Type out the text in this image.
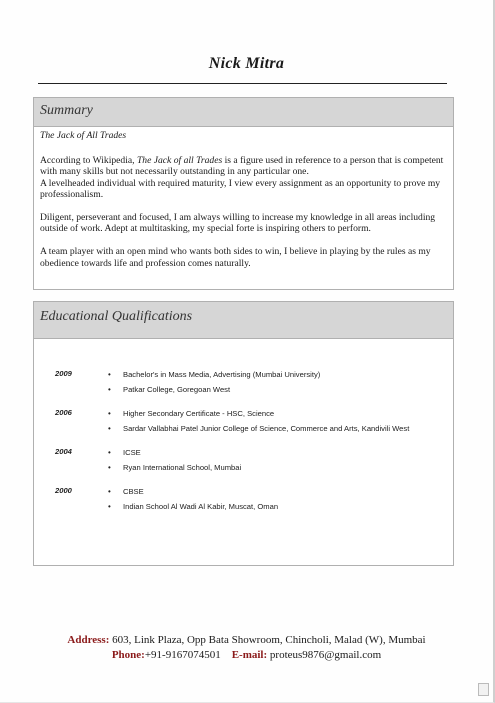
Nick Mitra
Summary
The Jack of All Trades

According to Wikipedia, The Jack of all Trades is a figure used in reference to a person that is competent with many skills but not necessarily outstanding in any particular one.

A levelheaded individual with required maturity, I view every assignment as an opportunity to prove my professionalism.

Diligent, perseverant and focused, I am always willing to increase my knowledge in all areas including outside of work. Adept at multitasking, my special forte is inspiring others to perform.

A team player with an open mind who wants both sides to win, I believe in playing by the rules as my obedience towards life and profession comes naturally.

Educational Qualifications
2009	• Bachelor's in Mass Media, Advertising (Mumbai University)
• Patkar College, Goregoan West
2006	• Higher Secondary Certificate - HSC, Science
• Sardar Vallabhai Patel Junior College of Science, Commerce and Arts, Kandivili West
2004	• ICSE
• Ryan International School, Mumbai
2000	• CBSE
• Indian School Al Wadi Al Kabir, Muscat, Oman
Address: 603, Link Plaza, Opp Bata Showroom, Chincholi, Malad (W), Mumbai
Phone:+91-9167074501 E-mail: proteus9876@gmail.com
